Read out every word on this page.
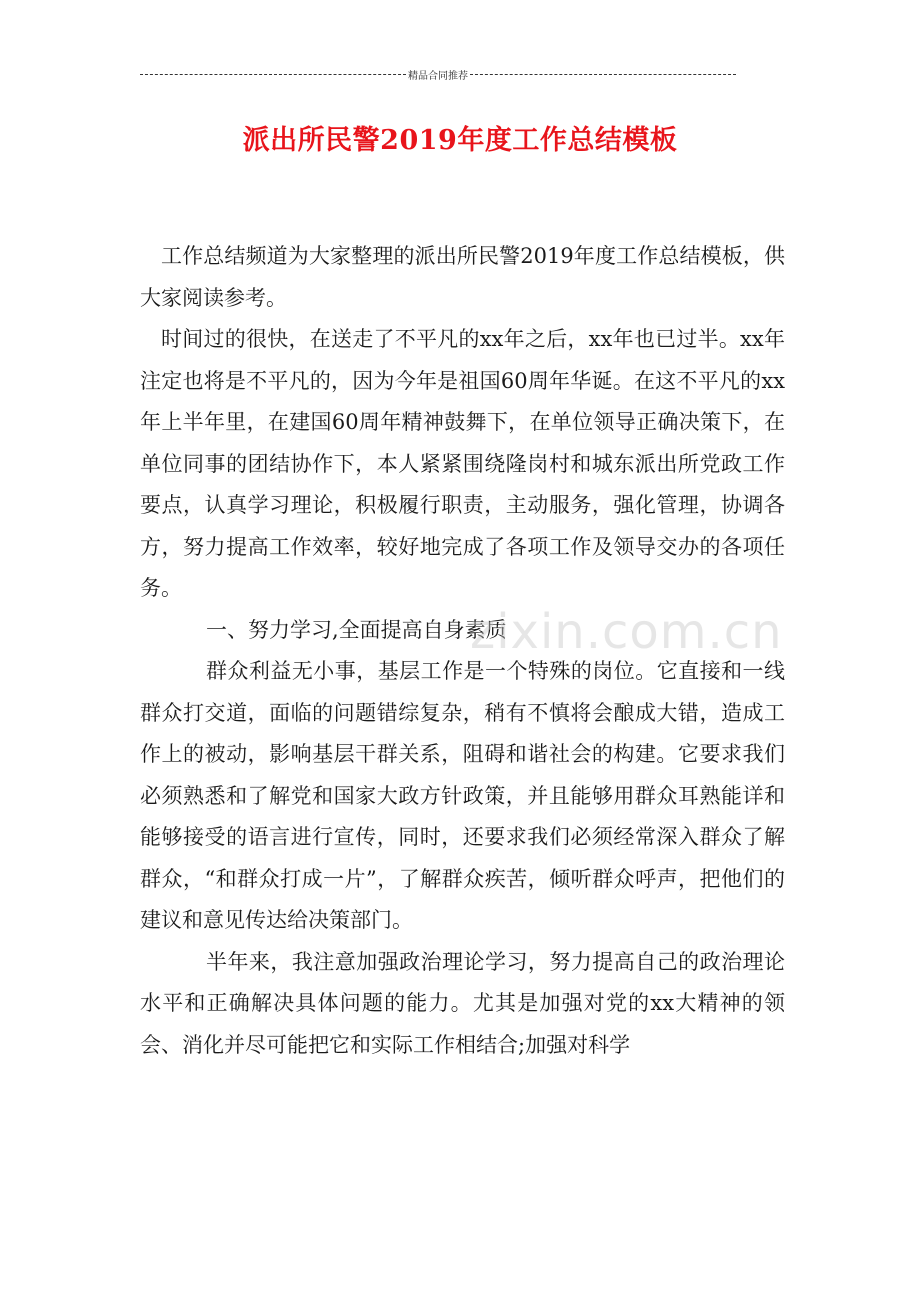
精品合同推荐
派出所民警2019年度工作总结模板

工作总结频道为大家整理的派出所民警2019年度工作总结模板，供大家阅读参考。

时间过的很快，在送走了不平凡的xx年之后，xx年也已过半。xx年注定也将是不平凡的，因为今年是祖国60周年华诞。在这不平凡的xx年上半年里，在建国60周年精神鼓舞下，在单位领导正确决策下，在单位同事的团结协作下，本人紧紧围绕隆岗村和城东派出所党政工作要点，认真学习理论，积极履行职责，主动服务，强化管理，协调各方，努力提高工作效率，较好地完成了各项工作及领导交办的各项任务。

一、努力学习,全面提高自身素质

群众利益无小事，基层工作是一个特殊的岗位。它直接和一线群众打交道，面临的问题错综复杂，稍有不慎将会酿成大错，造成工作上的被动，影响基层干群关系，阻碍和谐社会的构建。它要求我们必须熟悉和了解党和国家大政方针政策，并且能够用群众耳熟能详和能够接受的语言进行宣传，同时，还要求我们必须经常深入群众了解群众，“和群众打成一片”，了解群众疾苦，倾听群众呼声，把他们的建议和意见传达给决策部门。

半年来，我注意加强政治理论学习，努力提高自己的政治理论水平和正确解决具体问题的能力。尤其是加强对党的xx大精神的领会、消化并尽可能把它和实际工作相结合;加强对科学

zixin.com.cn
